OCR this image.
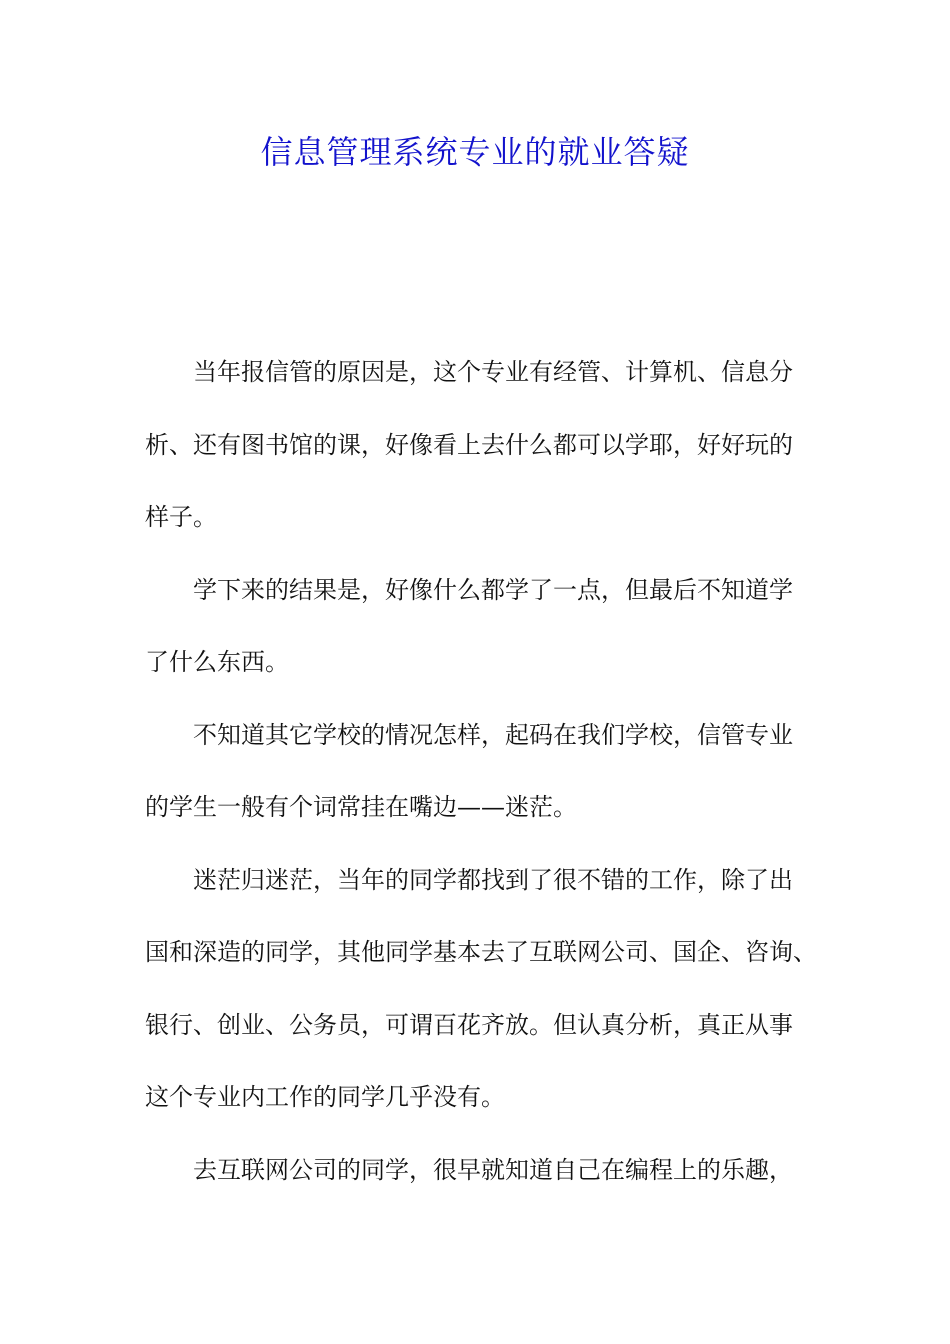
信息管理系统专业的就业答疑
当年报信管的原因是，这个专业有经管、计算机、信息分
析、还有图书馆的课，好像看上去什么都可以学耶，好好玩的
样子。
学下来的结果是，好像什么都学了一点，但最后不知道学
了什么东西。
不知道其它学校的情况怎样，起码在我们学校，信管专业
的学生一般有个词常挂在嘴边——迷茫。
迷茫归迷茫，当年的同学都找到了很不错的工作，除了出
国和深造的同学，其他同学基本去了互联网公司、国企、咨询、
银行、创业、公务员，可谓百花齐放。但认真分析，真正从事
这个专业内工作的同学几乎没有。
去互联网公司的同学，很早就知道自己在编程上的乐趣，
